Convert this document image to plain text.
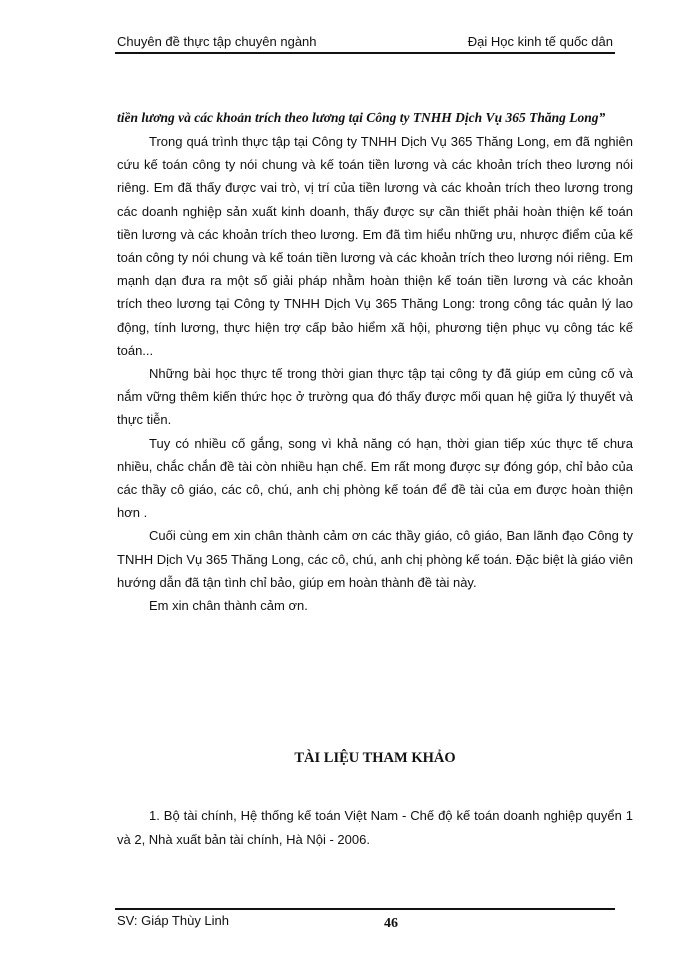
Chuyên đề thực tập chuyên ngành	Đại Học kinh tế quốc dân

tiền lương và các khoản trích theo lương tại Công ty TNHH Dịch Vụ 365 Thăng Long”

Trong quá trình thực tập tại Công ty TNHH Dịch Vụ 365 Thăng Long, em đã nghiên cứu kế toán công ty nói chung và kế toán tiền lương và các khoản trích theo lương nói riêng. Em đã thấy được vai trò, vị trí của tiền lương và các khoản trích theo lương trong các doanh nghiệp sản xuất kinh doanh, thấy được sự cần thiết phải hoàn thiện kế toán tiền lương và các khoản trích theo lương. Em đã tìm hiểu những ưu, nhược điểm của kế toán công ty nói chung và kế toán tiền lương và các khoản trích theo lương nói riêng. Em mạnh dạn đưa ra một số giải pháp nhằm hoàn thiện kế toán tiền lương và các khoản trích theo lương tại Công ty TNHH Dịch Vụ 365 Thăng Long: trong công tác quản lý lao động, tính lương, thực hiện trợ cấp bảo hiểm xã hội, phương tiện phục vụ công tác kế toán...

Những bài học thực tế trong thời gian thực tập tại công ty đã giúp em củng cố và nắm vững thêm kiến thức học ở trường qua đó thấy được mối quan hệ giữa lý thuyết và thực tiễn.

Tuy có nhiều cố gắng, song vì khả năng có hạn, thời gian tiếp xúc thực tế chưa nhiều, chắc chắn đề tài còn nhiều hạn chế. Em rất mong được sự đóng góp, chỉ bảo của các thầy cô giáo, các cô, chú, anh chị phòng kế toán để đề tài của em được hoàn thiện hơn .

Cuối cùng em xin chân thành cảm ơn các thầy giáo, cô giáo, Ban lãnh đạo Công ty TNHH Dịch Vụ 365 Thăng Long, các cô, chú, anh chị phòng kế toán. Đặc biệt là giáo viên hướng dẫn đã tận tình chỉ bảo, giúp em hoàn thành đề tài này.

Em xin chân thành cảm ơn.

TÀI LIỆU THAM KHẢO

1. Bộ tài chính, Hệ thống kế toán Việt Nam - Chế độ kế toán doanh nghiệp quyển 1 và 2, Nhà xuất bản tài chính, Hà Nội - 2006.

SV: Giáp Thùy Linh	46
